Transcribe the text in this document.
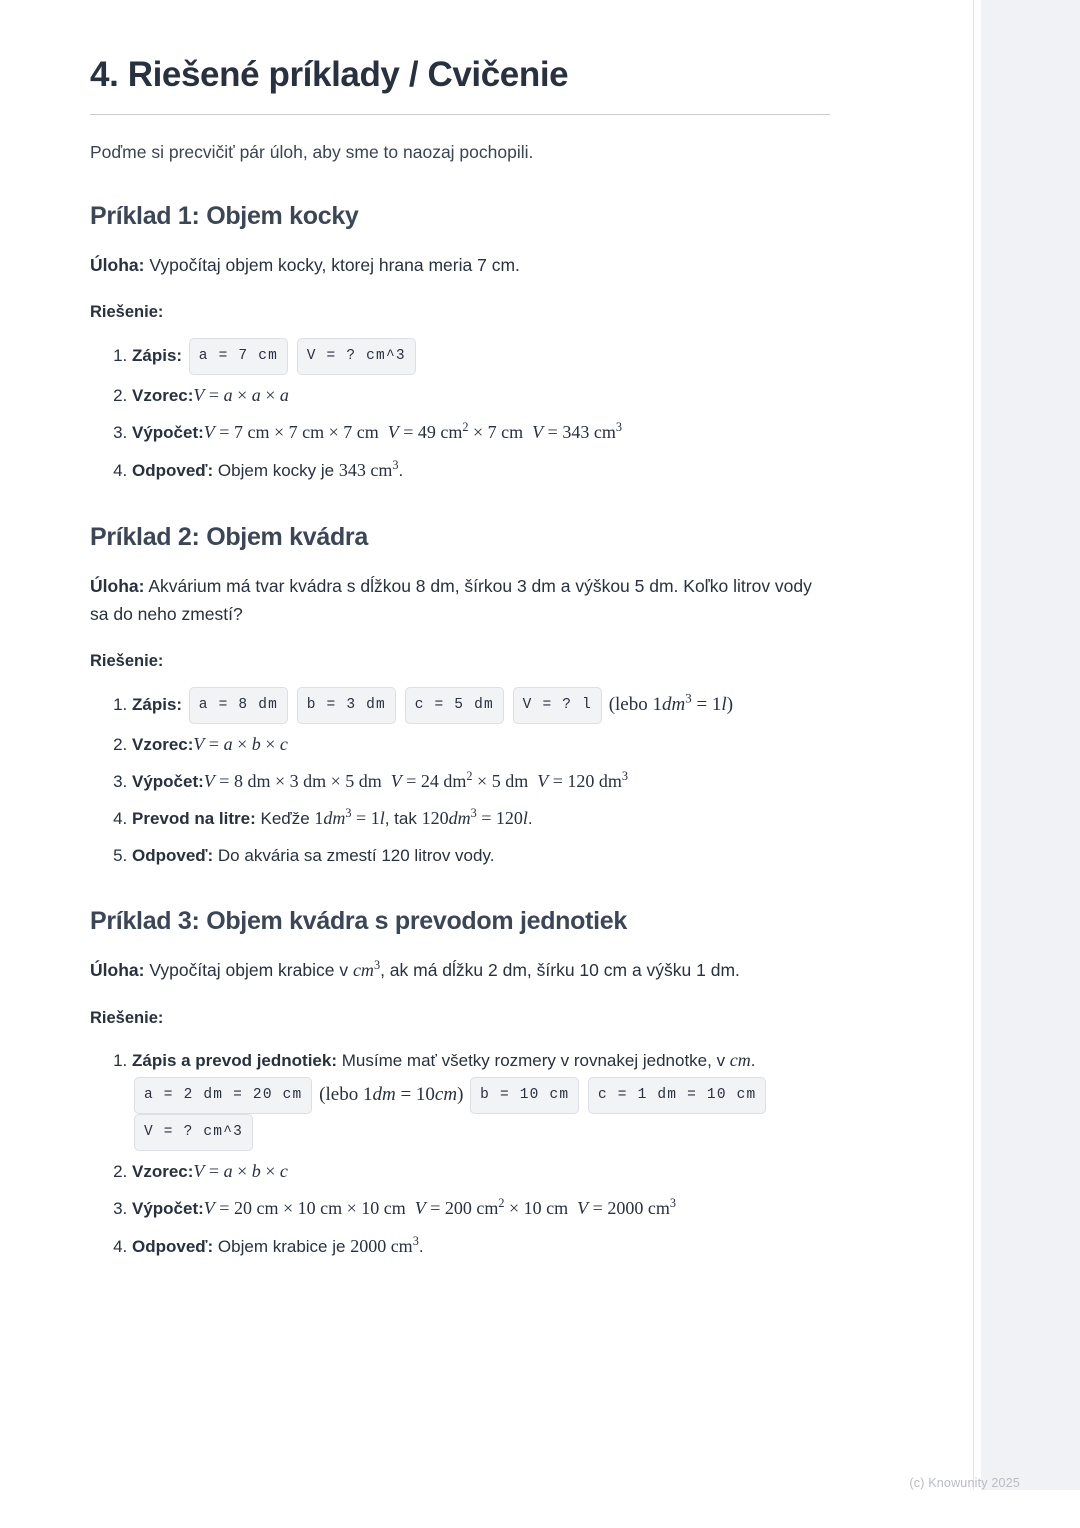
4. Riešené príklady / Cvičenie

Poďme si precvičiť pár úloh, aby sme to naozaj pochopili.

Príklad 1: Objem kocky

Úloha: Vypočítaj objem kocky, ktorej hrana meria 7 cm.

Riešenie:

1. Zápis: a = 7 cm V = ? cm^3
2. Vzorec:V = a × a × a
3. Výpočet:V = 7 cm × 7 cm × 7 cm  V = 49 $cm^2 \times 7$ cm  V = 343 $cm^3$
4. Odpoveď: Objem kocky je 343 $cm^3$.
Príklad 2: Objem kvádra

Úloha: Akvárium má tvar kvádra s dĺžkou 8 dm, šírkou 3 dm a výškou 5 dm. Koľko litrov vody sa do neho zmestí?

Riešenie:

1. Zápis: a = 8 dm b = 3 dm c = 5 dm V = ? l (lebo $1dm^3 = 1l$)
2. Vzorec:V = a × b × c
3. Výpočet:V = 8 dm × 3 dm × 5 dm  V = 24 $dm^2 \times 5$ dm  V = 120 $dm^3$
4. Prevod na litre: Keďže $1dm^3 = 1l$, tak $120dm^3 = 120l$.
5. Odpoveď: Do akvária sa zmestí 120 litrov vody.
Príklad 3: Objem kvádra s prevodom jednotiek

Úloha: Vypočítaj objem krabice v $cm^3$, ak má dĺžku 2 dm, šírku 10 cm a výšku 1 dm.

Riešenie:

1. Zápis a prevod jednotiek: Musíme mať všetky rozmery v rovnakej jednotke, v cm. a = 2 dm = 20 cm (lebo 1dm = 10cm) b = 10 cm c = 1 dm = 10 cm V = ? cm^3
2. Vzorec:V = a × b × c
3. Výpočet:V = 20 cm × 10 cm × 10 cm  V = 200 $cm^2 \times 10$ cm  V = 2000 $cm^3$
4. Odpoveď: Objem krabice je 2000 $cm^3$.
(c) Knowunity 2025
